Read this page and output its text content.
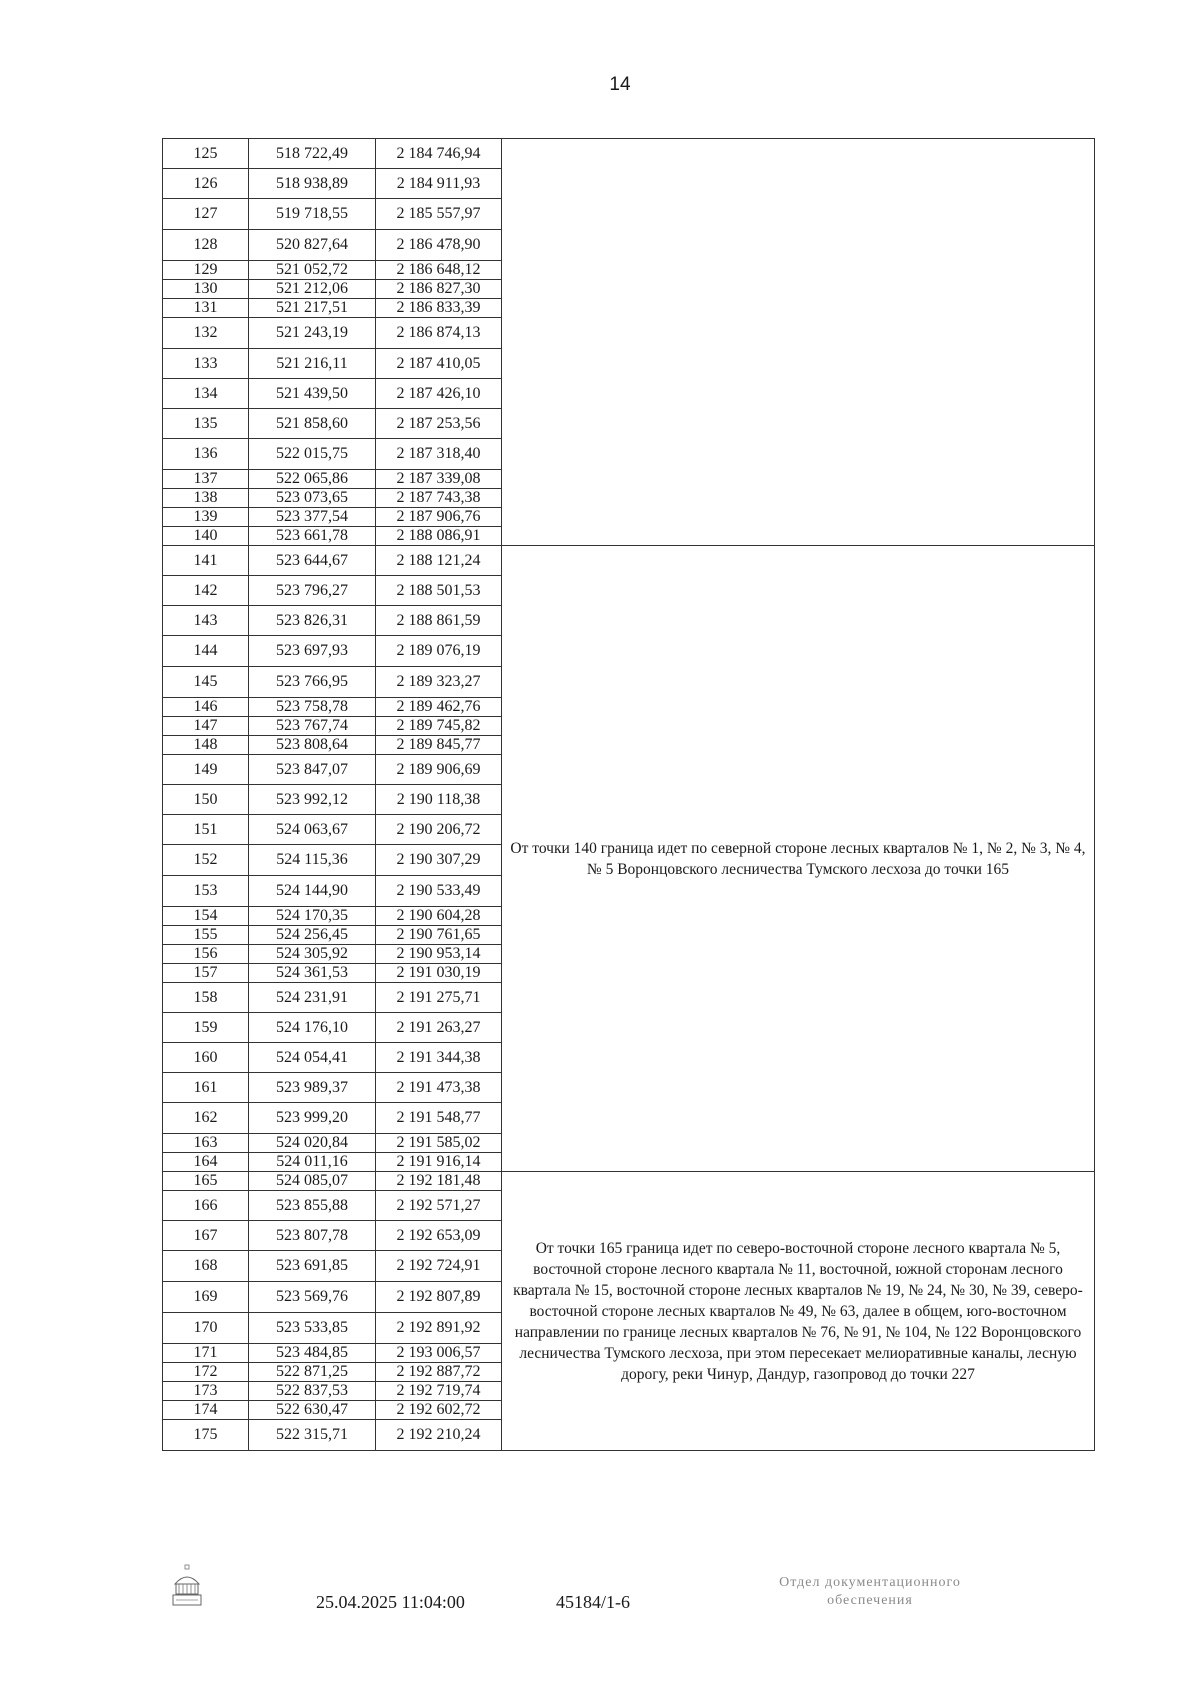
14
125	518 722,49	2 184 746,94	
126	518 938,89	2 184 911,93	
127	519 718,55	2 185 557,97	
128	520 827,64	2 186 478,90	
129	521 052,72	2 186 648,12	
130	521 212,06	2 186 827,30	
131	521 217,51	2 186 833,39	
132	521 243,19	2 186 874,13	
133	521 216,11	2 187 410,05	
134	521 439,50	2 187 426,10	
135	521 858,60	2 187 253,56	
136	522 015,75	2 187 318,40	
137	522 065,86	2 187 339,08	
138	523 073,65	2 187 743,38	
139	523 377,54	2 187 906,76	
140	523 661,78	2 188 086,91	
141	523 644,67	2 188 121,24	От точки 140 граница идет по северной стороне лесных кварталов № 1, № 2, № 3, № 4, № 5 Воронцовского лесничества Тумского лесхоза до точки 165
142	523 796,27	2 188 501,53	
143	523 826,31	2 188 861,59	
144	523 697,93	2 189 076,19	
145	523 766,95	2 189 323,27	
146	523 758,78	2 189 462,76	
147	523 767,74	2 189 745,82	
148	523 808,64	2 189 845,77	
149	523 847,07	2 189 906,69	
150	523 992,12	2 190 118,38	
151	524 063,67	2 190 206,72	
152	524 115,36	2 190 307,29	
153	524 144,90	2 190 533,49	
154	524 170,35	2 190 604,28	
155	524 256,45	2 190 761,65	
156	524 305,92	2 190 953,14	
157	524 361,53	2 191 030,19	
158	524 231,91	2 191 275,71	
159	524 176,10	2 191 263,27	
160	524 054,41	2 191 344,38	
161	523 989,37	2 191 473,38	
162	523 999,20	2 191 548,77	
163	524 020,84	2 191 585,02	
164	524 011,16	2 191 916,14	
165	524 085,07	2 192 181,48	От точки 165 граница идет по северо-восточной стороне лесного квартала № 5, восточной стороне лесного квартала № 11, восточной, южной сторонам лесного квартала № 15, восточной стороне лесных кварталов № 19, № 24, № 30, № 39, северо-восточной стороне лесных кварталов № 49, № 63, далее в общем, юго-восточном направлении по границе лесных кварталов № 76, № 91, № 104, № 122 Воронцовского лесничества Тумского лесхоза, при этом пересекает мелиоративные каналы, лесную дорогу, реки Чинур, Дандур, газопровод до точки 227
166	523 855,88	2 192 571,27	
167	523 807,78	2 192 653,09	
168	523 691,85	2 192 724,91	
169	523 569,76	2 192 807,89	
170	523 533,85	2 192 891,92	
171	523 484,85	2 193 006,57	
172	522 871,25	2 192 887,72	
173	522 837,53	2 192 719,74	
174	522 630,47	2 192 602,72	
175	522 315,71	2 192 210,24	
25.04.2025 11:04:00	45184/1-6
Отдел документационного
обеспечения
